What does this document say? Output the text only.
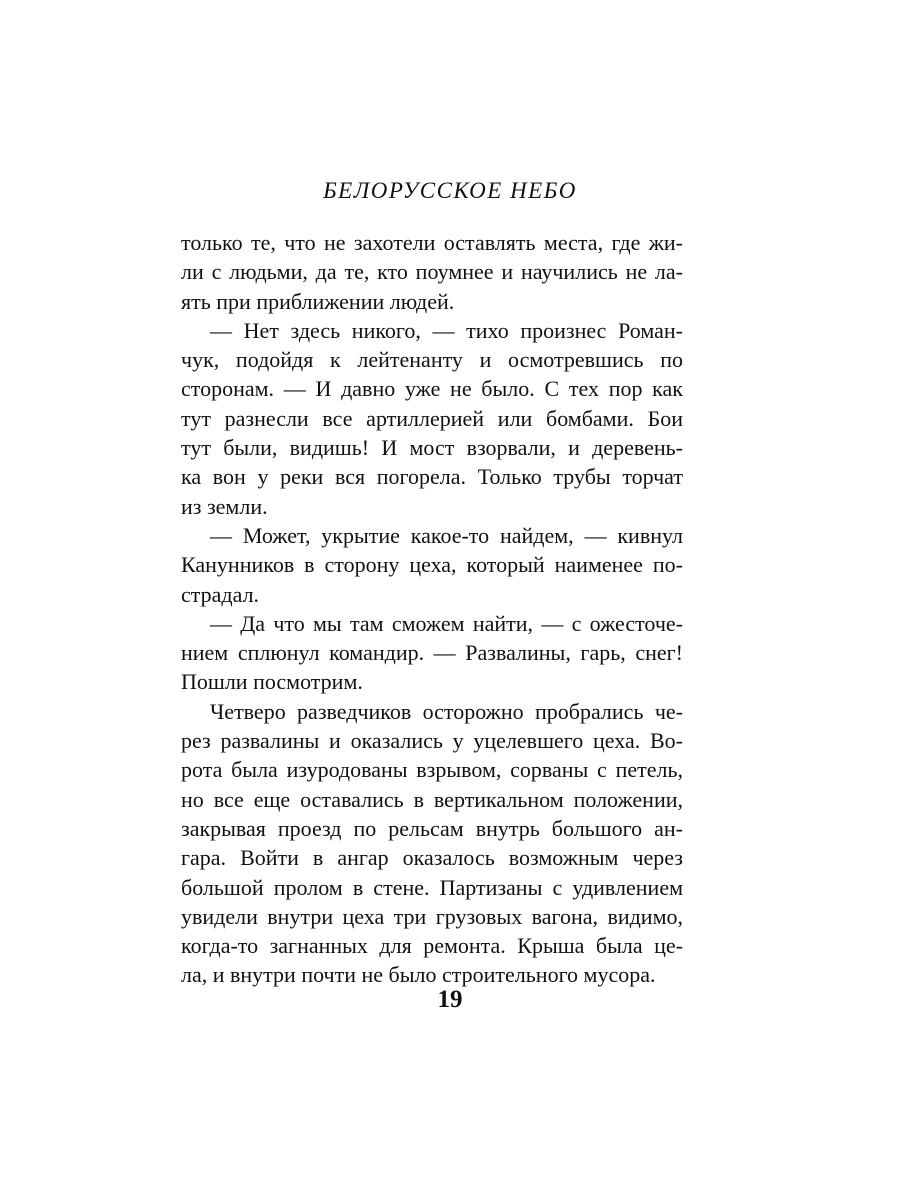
БЕЛОРУССКОЕ НЕБО
только те, что не захотели оставлять места, где жи-
ли с людьми, да те, кто поумнее и научились не ла-
ять при приближении людей.
— Нет здесь никого, — тихо произнес Роман-
чук, подойдя к лейтенанту и осмотревшись по
сторонам. — И давно уже не было. С тех пор как
тут разнесли все артиллерией или бомбами. Бои
тут были, видишь! И мост взорвали, и деревень-
ка вон у реки вся погорела. Только трубы торчат
из земли.
— Может, укрытие какое-то найдем, — кивнул
Канунников в сторону цеха, который наименее по-
страдал.
— Да что мы там сможем найти, — с ожесточе-
нием сплюнул командир. — Развалины, гарь, снег!
Пошли посмотрим.
Четверо разведчиков осторожно пробрались че-
рез развалины и оказались у уцелевшего цеха. Во-
рота была изуродованы взрывом, сорваны с петель,
но все еще оставались в вертикальном положении,
закрывая проезд по рельсам внутрь большого ан-
гара. Войти в ангар оказалось возможным через
большой пролом в стене. Партизаны с удивлением
увидели внутри цеха три грузовых вагона, видимо,
когда-то загнанных для ремонта. Крыша была це-
ла, и внутри почти не было строительного мусора.
19
